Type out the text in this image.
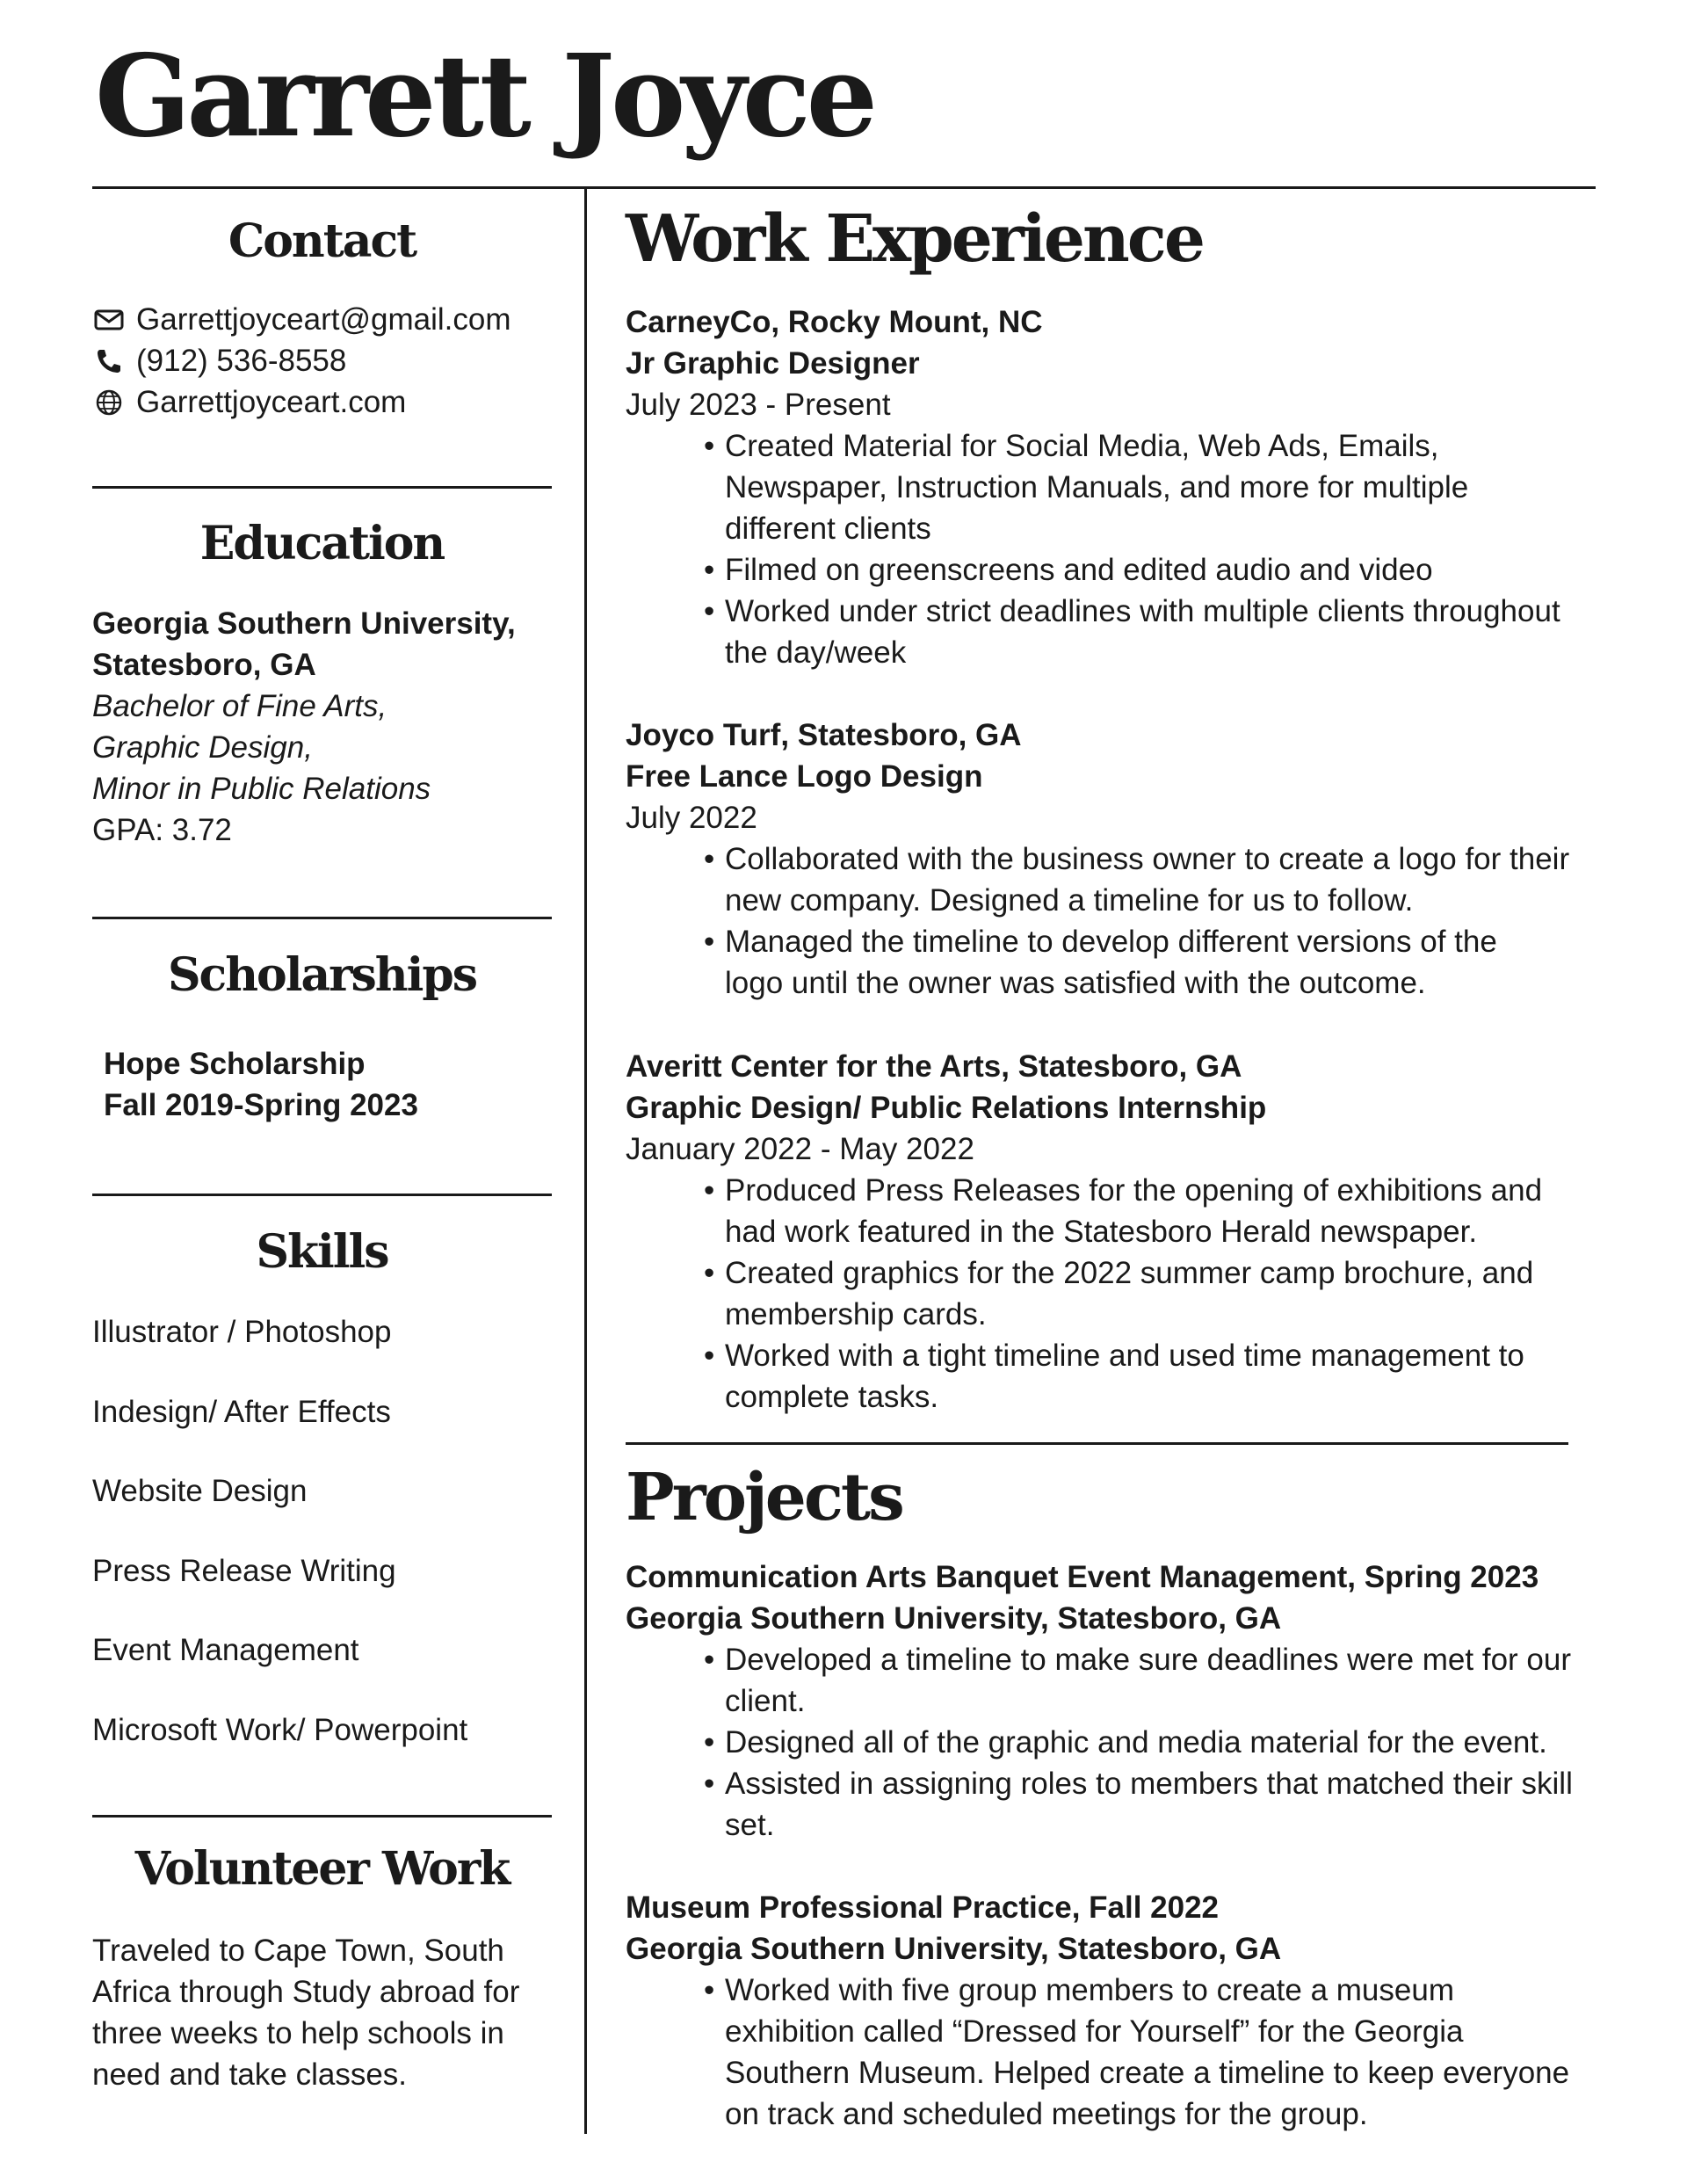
Garrett Joyce
Contact
Garrettjoyceart@gmail.com
(912) 536-8558
Garrettjoyceart.com
Education
Georgia Southern University,
Statesboro, GA
Bachelor of Fine Arts,
Graphic Design,
Minor in Public Relations
GPA: 3.72
Scholarships
Hope Scholarship
Fall 2019-Spring 2023
Skills
Illustrator / Photoshop
Indesign/ After Effects
Website Design
Press Release Writing
Event Management
Microsoft Work/ Powerpoint
Volunteer Work
Traveled to Cape Town, South
Africa through Study abroad for
three weeks to help schools in
need and take classes.
Work Experience
CarneyCo, Rocky Mount, NC
Jr Graphic Designer
July 2023 - Present
• Created Material for Social Media, Web Ads, Emails,
Newspaper, Instruction Manuals, and more for multiple
different clients
• Filmed on greenscreens and edited audio and video
• Worked under strict deadlines with multiple clients throughout
the day/week
Joyco Turf, Statesboro, GA
Free Lance Logo Design
July 2022
• Collaborated with the business owner to create a logo for their
new company. Designed a timeline for us to follow.
• Managed the timeline to develop different versions of the
logo until the owner was satisfied with the outcome.
Averitt Center for the Arts, Statesboro, GA
Graphic Design/ Public Relations Internship
January 2022 - May 2022
• Produced Press Releases for the opening of exhibitions and
had work featured in the Statesboro Herald newspaper.
• Created graphics for the 2022 summer camp brochure, and
membership cards.
• Worked with a tight timeline and used time management to
complete tasks.
Projects
Communication Arts Banquet Event Management, Spring 2023
Georgia Southern University, Statesboro, GA
• Developed a timeline to make sure deadlines were met for our
client.
• Designed all of the graphic and media material for the event.
• Assisted in assigning roles to members that matched their skill
set.
Museum Professional Practice, Fall 2022
Georgia Southern University, Statesboro, GA
• Worked with five group members to create a museum
exhibition called “Dressed for Yourself” for the Georgia
Southern Museum. Helped create a timeline to keep everyone
on track and scheduled meetings for the group.
